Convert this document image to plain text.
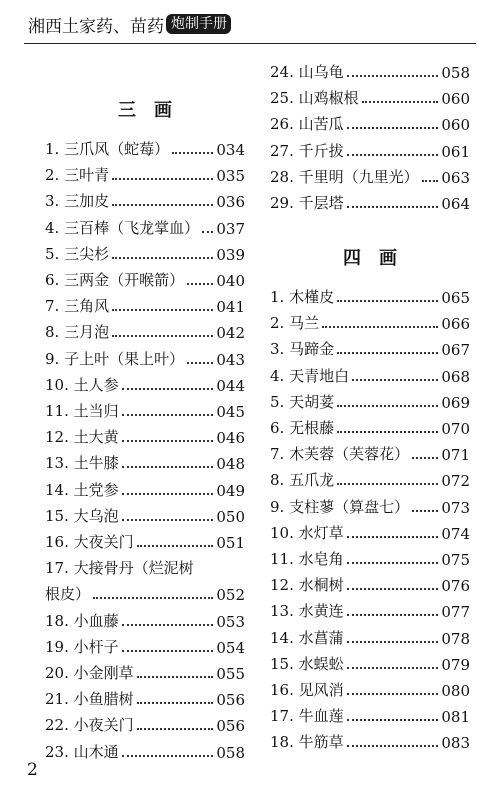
湘西土家药、苗药 炮制手册
三　画
1. 三爪风（蛇莓）	034
2. 三叶青	035
3. 三加皮	036
4. 三百棒（飞龙掌血） 037
5. 三尖杉	039
6. 三两金（开喉箭） 040
7. 三角风	041
8. 三月泡	042
9. 子上叶（果上叶） 043
10. 土人参	044
11. 土当归	045
12. 土大黄	046
13. 土牛膝	048
14. 土党参	049
15. 大乌泡	050
16. 大夜关门	051
17. 大接骨丹（烂泥树
根皮）	052
18. 小血藤	053
19. 小杆子	054
20. 小金刚草	055
21. 小鱼腊树	056
22. 小夜关门	056
23. 山木通	058
四　画
24. 山乌龟	058
25. 山鸡椒根	060
26. 山苦瓜	060
27. 千斤拔	061
28. 千里明（九里光） 063
29. 千层塔	064
1. 木槿皮	065
2. 马兰	066
3. 马蹄金	067
4. 天青地白	068
5. 天胡荽	069
6. 无根藤	070
7. 木芙蓉（芙蓉花） 071
8. 五爪龙	072
9. 支柱蓼（算盘七） 073
10. 水灯草	074
11. 水皂角	075
12. 水桐树	076
13. 水黄连	077
14. 水菖蒲	078
15. 水蜈蚣	079
16. 见风消	080
17. 牛血莲	081
18. 牛筋草	083
2
